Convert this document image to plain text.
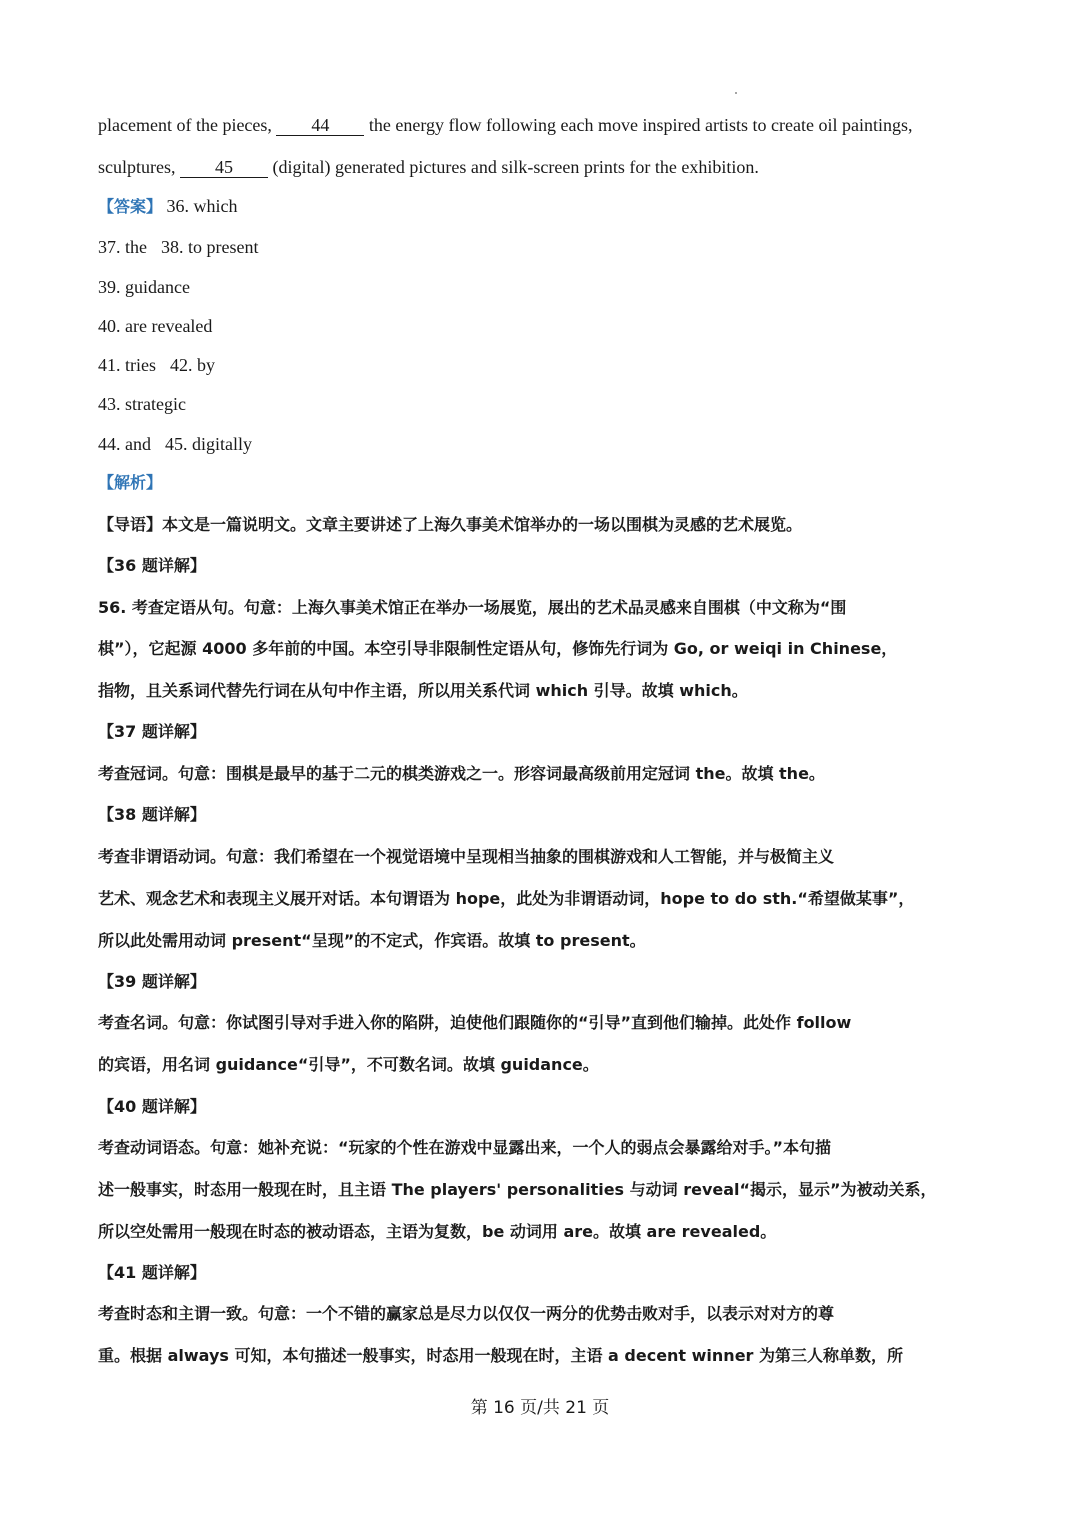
placement of the pieces, 44 the energy flow following each move inspired artists to create oil paintings,
sculptures, 45 (digital) generated pictures and silk-screen prints for the exhibition.
【答案】 36. which
37. the 38. to present
39. guidance
40. are revealed
41. tries 42. by
43. strategic
44. and 45. digitally
【解析】
【导语】本文是一篇说明文。文章主要讲述了上海久事美术馆举办的一场以围棋为灵感的艺术展览。
【36 题详解】
56. 考查定语从句。句意：上海久事美术馆正在举办一场展览，展出的艺术品灵感来自围棋（中文称为“围
棋”），它起源 4000 多年前的中国。本空引导非限制性定语从句，修饰先行词为 Go, or weiqi in Chinese，
指物，且关系词代替先行词在从句中作主语，所以用关系代词 which 引导。故填 which。
【37 题详解】
考查冠词。句意：围棋是最早的基于二元的棋类游戏之一。形容词最高级前用定冠词 the。故填 the。
【38 题详解】
考查非谓语动词。句意：我们希望在一个视觉语境中呈现相当抽象的围棋游戏和人工智能，并与极简主义
艺术、观念艺术和表现主义展开对话。本句谓语为 hope，此处为非谓语动词，hope to do sth.“希望做某事”，
所以此处需用动词 present“呈现”的不定式，作宾语。故填 to present。
【39 题详解】
考查名词。句意：你试图引导对手进入你的陷阱，迫使他们跟随你的“引导”直到他们输掉。此处作 follow
的宾语，用名词 guidance“引导”，不可数名词。故填 guidance。
【40 题详解】
考查动词语态。句意：她补充说：“玩家的个性在游戏中显露出来，一个人的弱点会暴露给对手。”本句描
述一般事实，时态用一般现在时，且主语 The players' personalities 与动词 reveal“揭示，显示”为被动关系，
所以空处需用一般现在时态的被动语态，主语为复数，be 动词用 are。故填 are revealed。
【41 题详解】
考查时态和主谓一致。句意：一个不错的赢家总是尽力以仅仅一两分的优势击败对手，以表示对对方的尊
重。根据 always 可知，本句描述一般事实，时态用一般现在时，主语 a decent winner 为第三人称单数，所
第 16 页/共 21 页
